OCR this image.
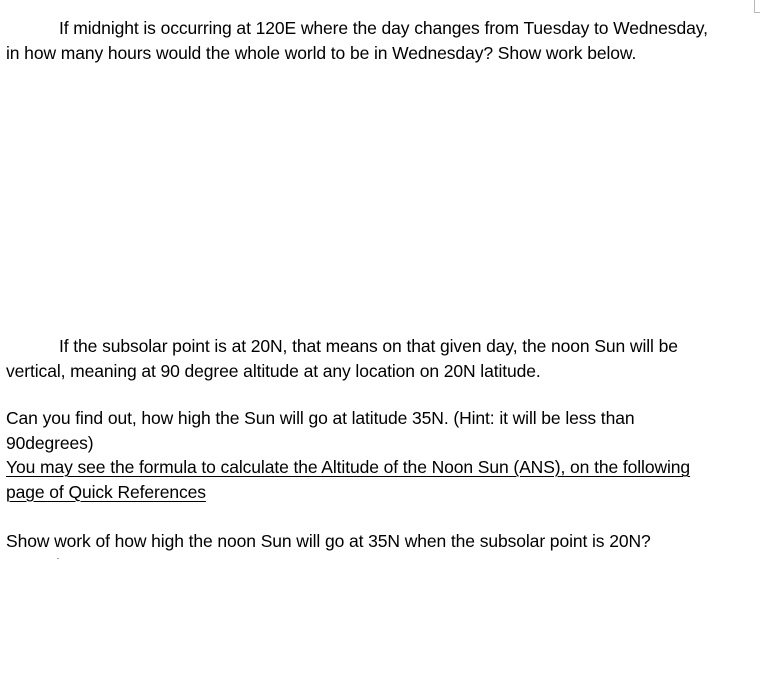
If midnight is occurring at 120E where the day changes from Tuesday to Wednesday,
in how many hours would the whole world to be in Wednesday? Show work below.

If the subsolar point is at 20N, that means on that given day, the noon Sun will be
vertical, meaning at 90 degree altitude at any location on 20N latitude.

Can you find out, how high the Sun will go at latitude 35N. (Hint: it will be less than
90degrees)
You may see the formula to calculate the Altitude of the Noon Sun (ANS), on the following
page of Quick References

Show work of how high the noon Sun will go at 35N when the subsolar point is 20N?
